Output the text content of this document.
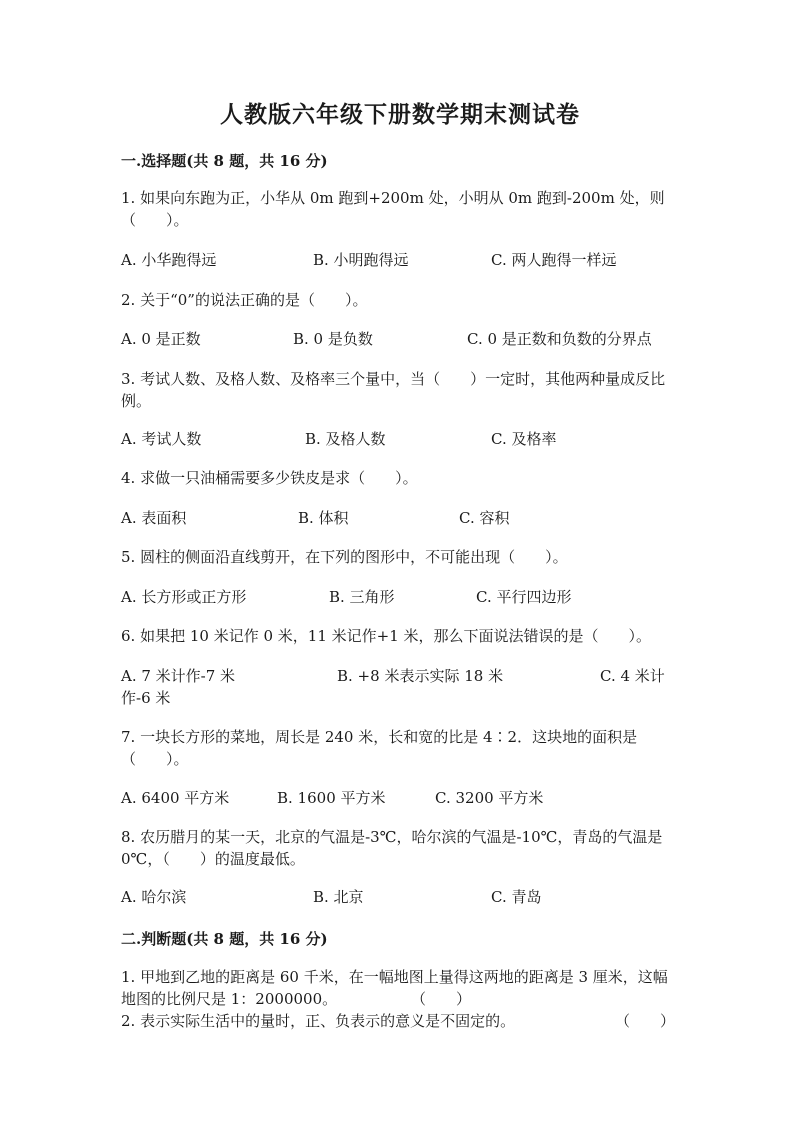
人教版六年级下册数学期末测试卷
一.选择题(共 8 题，共 16 分)
1. 如果向东跑为正，小华从 0m 跑到+200m 处，小明从 0m 跑到-200m 处，则（　　）。
A. 小华跑得远	B. 小明跑得远	C. 两人跑得一样远
2. 关于“0”的说法正确的是（　　）。
A. 0 是正数	B. 0 是负数	C. 0 是正数和负数的分界点
3. 考试人数、及格人数、及格率三个量中，当（　　）一定时，其他两种量成反比例。
A. 考试人数	B. 及格人数	C. 及格率
4. 求做一只油桶需要多少铁皮是求（　　）。
A. 表面积	B. 体积	C. 容积
5. 圆柱的侧面沿直线剪开，在下列的图形中，不可能出现（　　）。
A. 长方形或正方形	B. 三角形	C. 平行四边形
6. 如果把 10 米记作 0 米，11 米记作+1 米，那么下面说法错误的是（　　）。
A. 7 米计作-7 米	B. +8 米表示实际 18 米	C. 4 米计作-6 米
7. 一块长方形的菜地，周长是 240 米，长和宽的比是 4∶2．这块地的面积是（　　）。
A. 6400 平方米	B. 1600 平方米	C. 3200 平方米
8. 农历腊月的某一天，北京的气温是-3℃，哈尔滨的气温是-10℃，青岛的气温是 0℃，（　　）的温度最低。
A. 哈尔滨	B. 北京	C. 青岛
二.判断题(共 8 题，共 16 分)
1. 甲地到乙地的距离是 60 千米，在一幅地图上量得这两地的距离是 3 厘米，这幅地图的比例尺是 1：2000000。	（　　）
2. 表示实际生活中的量时，正、负表示的意义是不固定的。	（　　）
